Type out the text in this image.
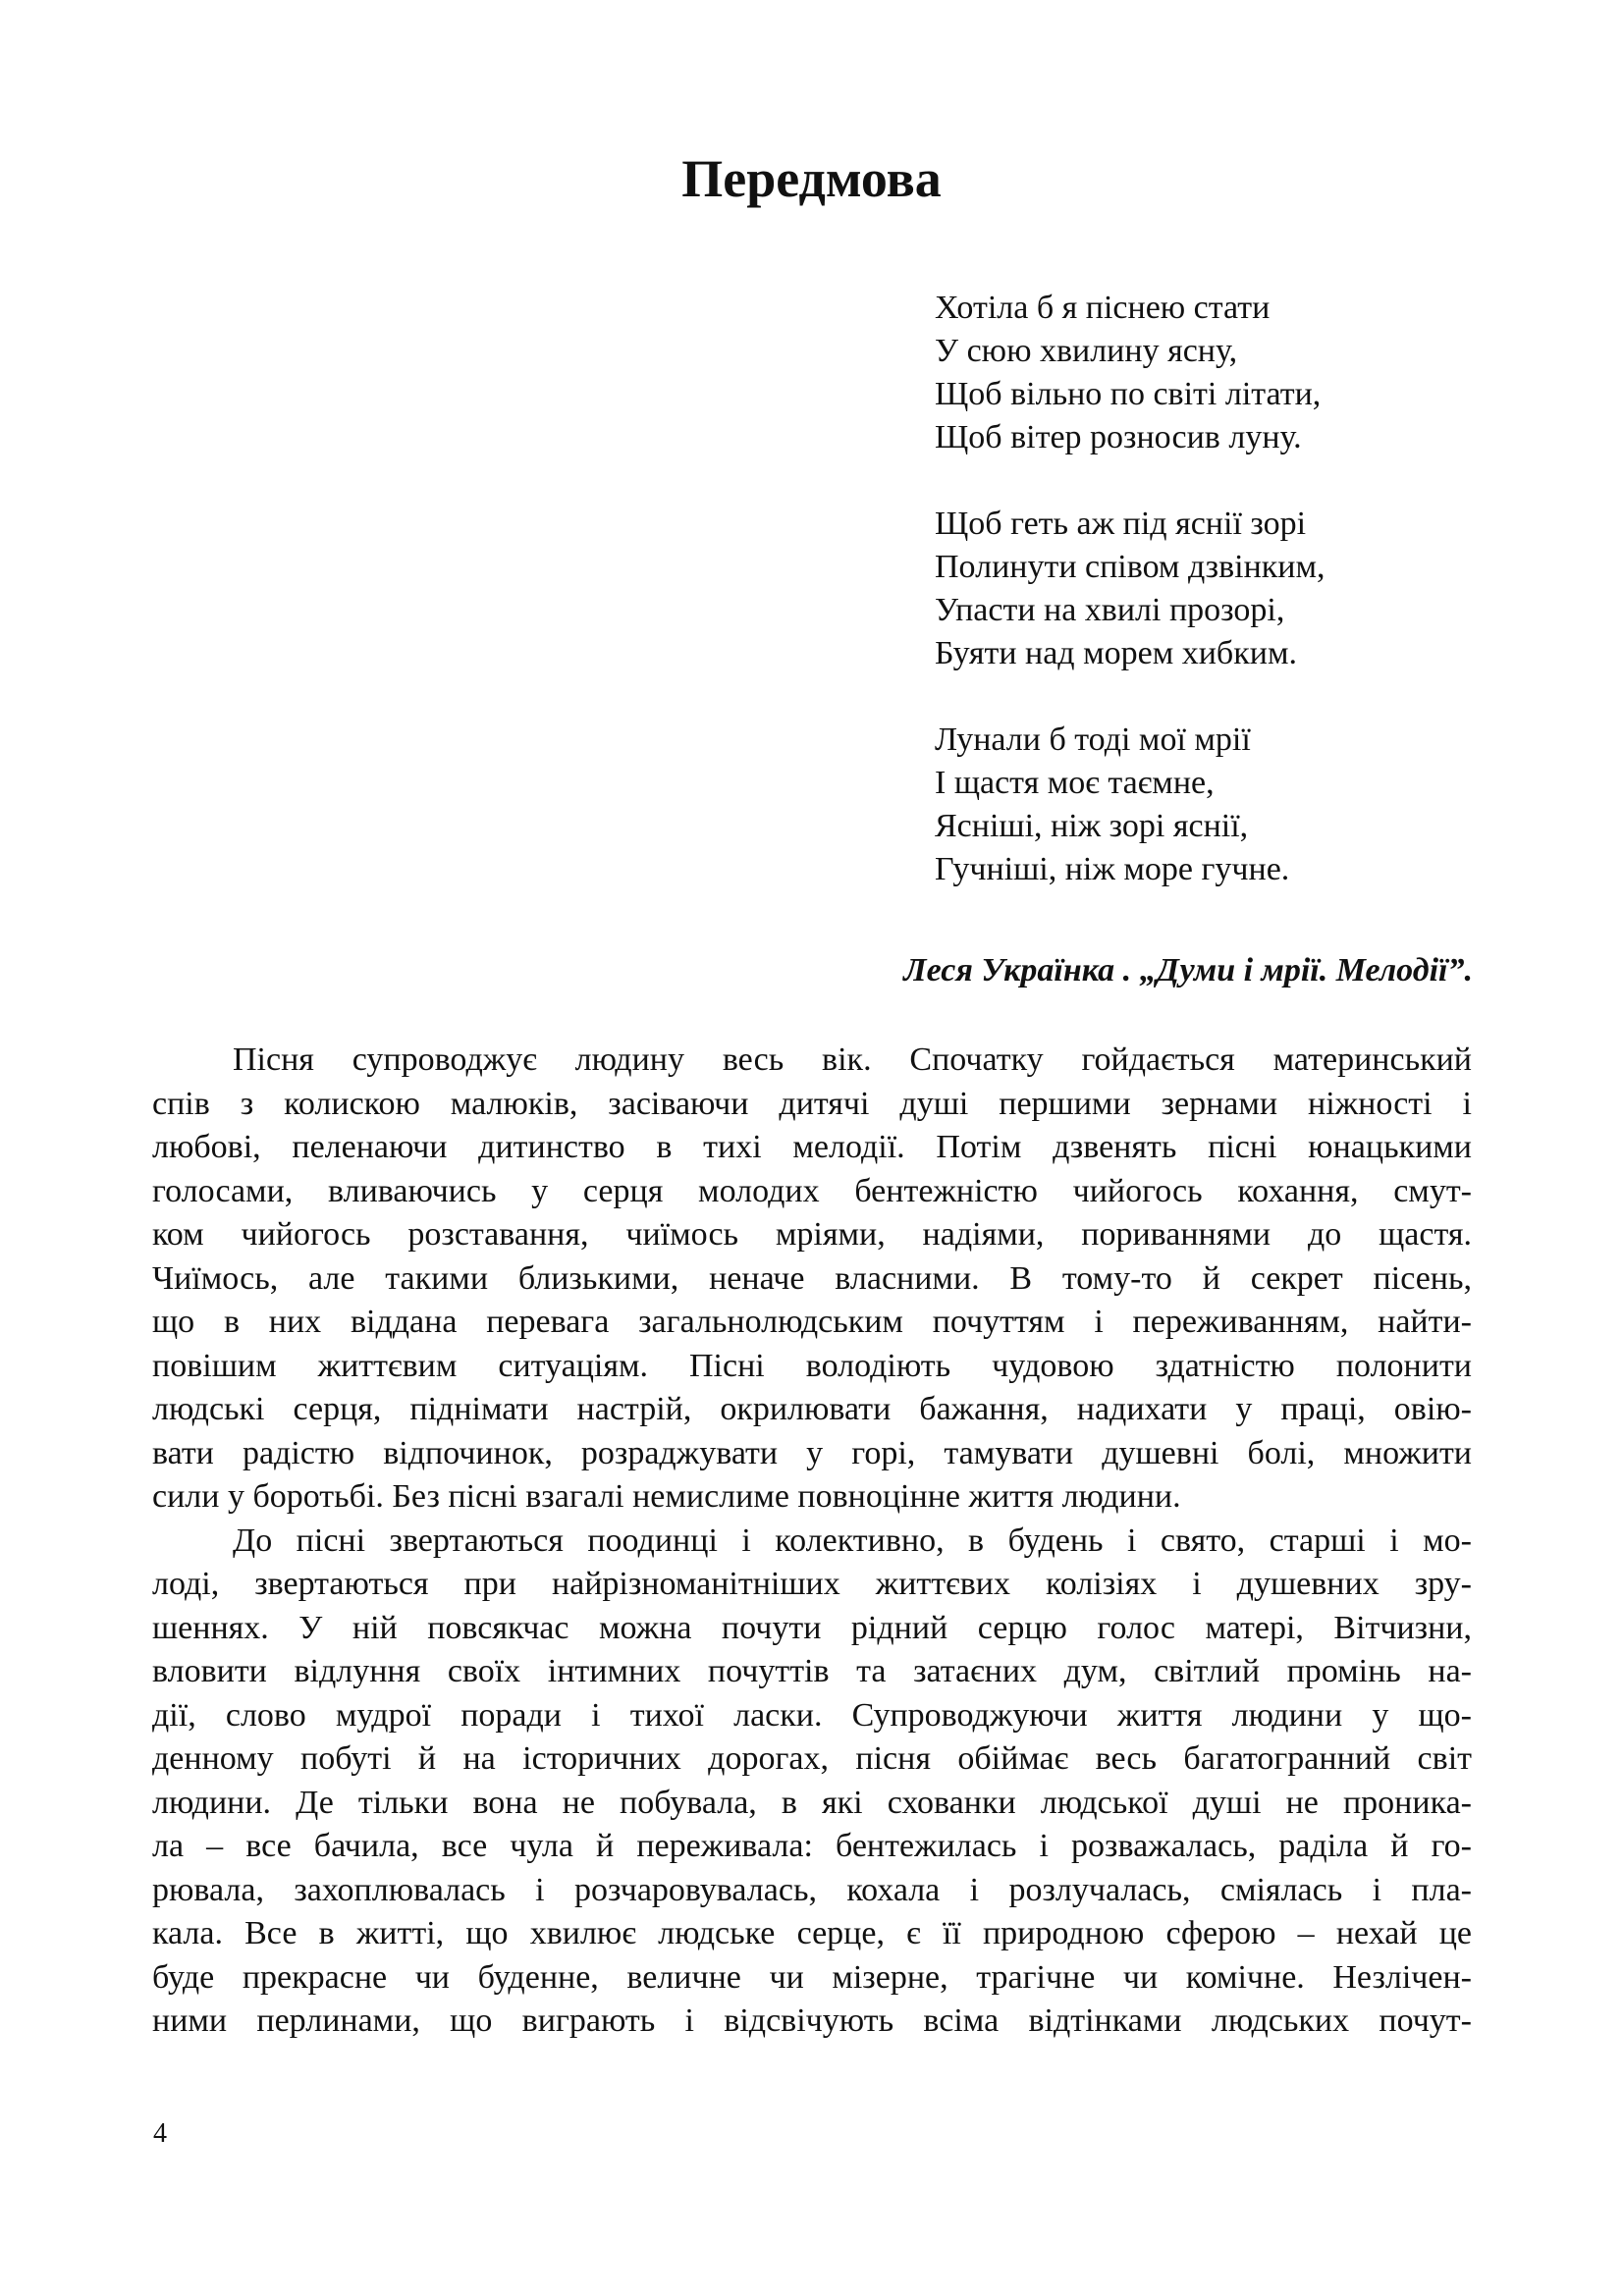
Передмова
Хотіла б я піснею стати
У сюю хвилину ясну,
Щоб вільно по світі літати,
Щоб вітер розносив луну.
Щоб геть аж під яснії зорі
Полинути співом дзвінким,
Упасти на хвилі прозорі,
Буяти над морем хибким.
Лунали б тоді мої мрії
І щастя моє таємне,
Ясніші, ніж зорі яснії,
Гучніші, ніж море гучне.
Леся Українка . „Думи і мрії. Мелодії”.

Пісня супроводжує людину весь вік. Спочатку гойдається материнський
спів з колискою малюків, засіваючи дитячі душі першими зернами ніжності і
любові, пеленаючи дитинство в тихі мелодії. Потім дзвенять пісні юнацькими
голосами, вливаючись у серця молодих бентежністю чийогось кохання, смут-
ком чийогось розставання, чиїмось мріями, надіями, пориваннями до щастя.
Чиїмось, але такими близькими, неначе власними. В тому-то й секрет пісень,
що в них віддана перевага загальнолюдським почуттям і переживанням, найти-
повішим життєвим ситуаціям. Пісні володіють чудовою здатністю полонити
людські серця, піднімати настрій, окрилювати бажання, надихати у праці, овію-
вати радістю відпочинок, розраджувати у горі, тамувати душевні болі, множити
сили у боротьбі. Без пісні взагалі немислиме повноцінне життя людини.

До пісні звертаються поодинці і колективно, в будень і свято, старші і мо-
лоді, звертаються при найрізноманітніших життєвих колізіях і душевних зру-
шеннях. У ній повсякчас можна почути рідний серцю голос матері, Вітчизни,
вловити відлуння своїх інтимних почуттів та затаєних дум, світлий промінь на-
дії, слово мудрої поради і тихої ласки. Супроводжуючи життя людини у що-
денному побуті й на історичних дорогах, пісня обіймає весь багатогранний світ
людини. Де тільки вона не побувала, в які схованки людської душі не проника-
ла – все бачила, все чула й переживала: бентежилась і розважалась, раділа й го-
рювала, захоплювалась і розчаровувалась, кохала і розлучалась, сміялась і пла-
кала. Все в житті, що хвилює людське серце, є її природною сферою – нехай це
буде прекрасне чи буденне, величне чи мізерне, трагічне чи комічне. Незлічен-
ними перлинами, що виграють і відсвічують всіма відтінками людських почут-

4
